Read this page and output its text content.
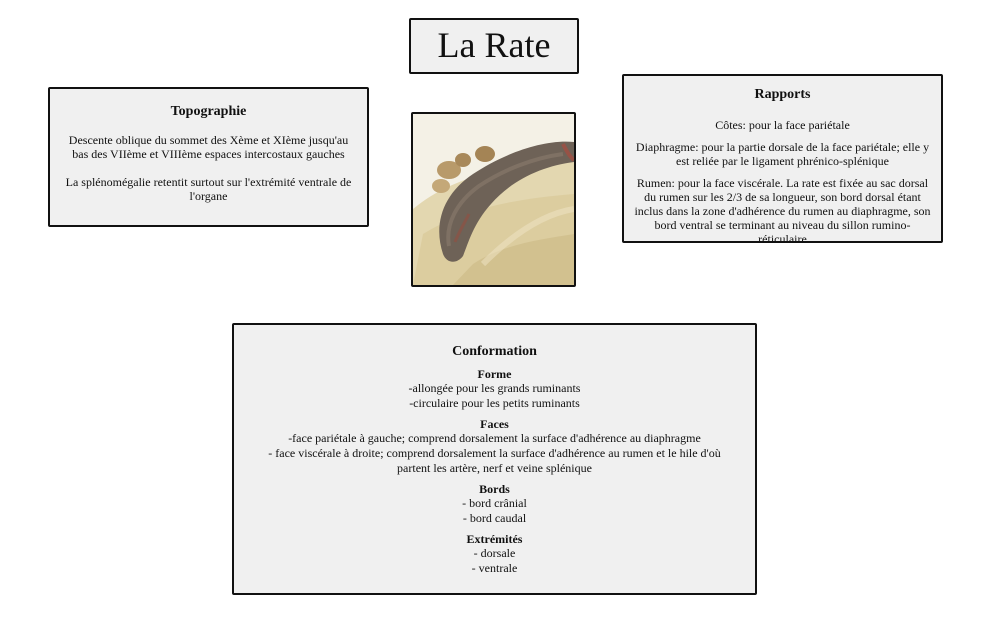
La Rate
Topographie

Descente oblique du sommet des Xème et XIème jusqu'au bas des VIIème et VIIIème espaces intercostaux gauches

La splénomégalie retentit surtout sur l'extrémité ventrale de l'organe

Rapports

Côtes: pour la face pariétale

Diaphragme: pour la partie dorsale de la face pariétale; elle y est reliée par le ligament phrénico-splénique

Rumen: pour la face viscérale. La rate est fixée au sac dorsal du rumen sur les 2/3 de sa longueur, son bord dorsal étant inclus dans la zone d'adhérence du rumen au diaphragme, son bord ventral se terminant au niveau du sillon rumino-réticulaire

Conformation
Forme
-allongée pour les grands ruminants
-circulaire pour les petits ruminants
Faces
-face pariétale à gauche; comprend dorsalement la surface d'adhérence au diaphragme
- face viscérale à droite; comprend dorsalement la surface d'adhérence au rumen et le hile d'où
partent les artère, nerf et veine splénique
Bords
- bord crânial
- bord caudal
Extrémités
- dorsale
- ventrale
